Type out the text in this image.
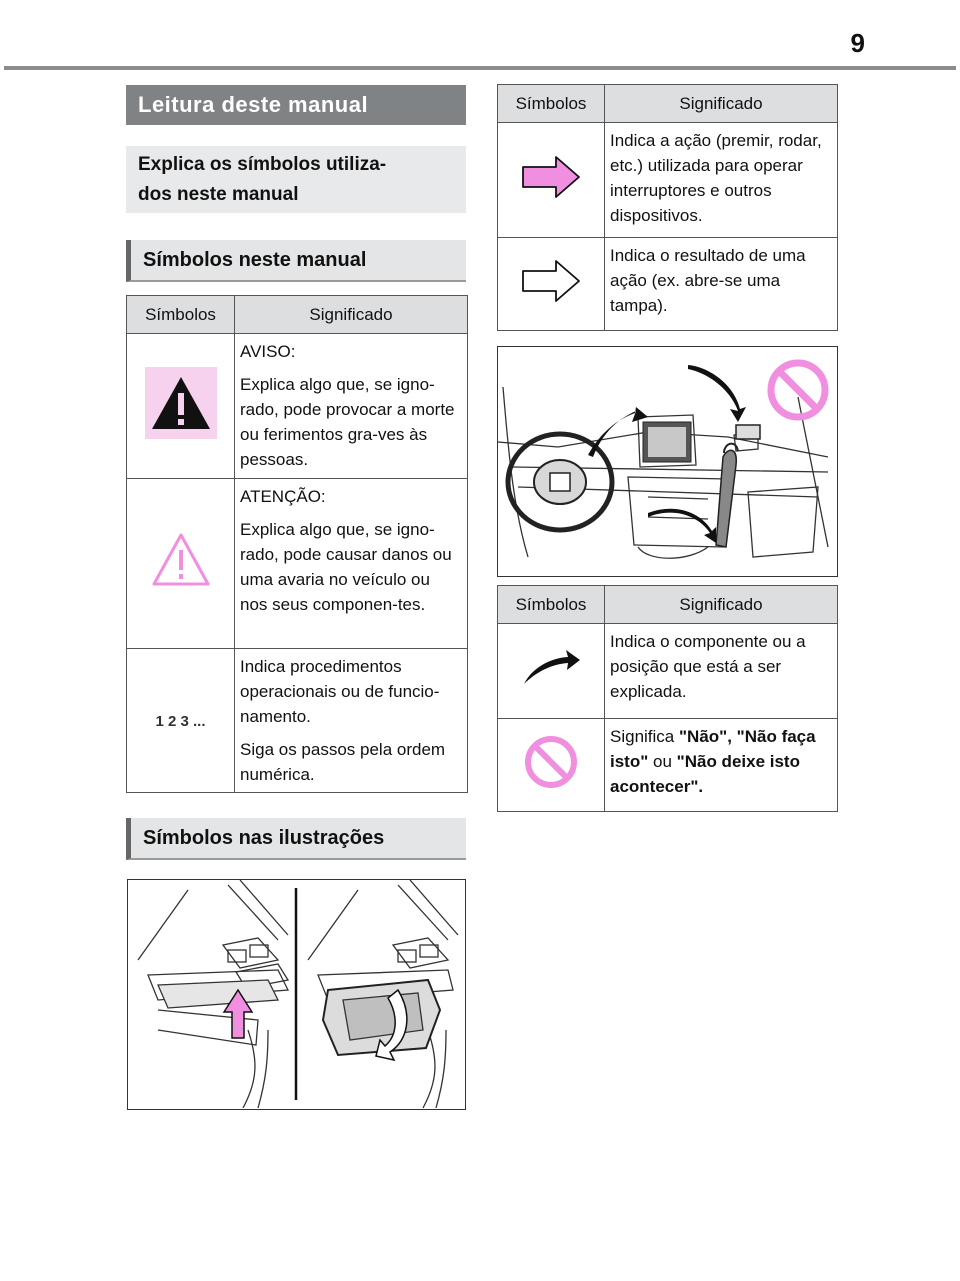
9
Leitura deste manual
Explica os símbolos utiliza-
dos neste manual
Símbolos neste manual
Símbolos	Significado

AVISO:

Explica algo que, se igno-rado, pode provocar a morte ou ferimentos gra-ves às pessoas.

ATENÇÃO:

Explica algo que, se igno-rado, pode causar danos ou uma avaria no veículo ou nos seus componen-tes.

1 2 3 ...	Indica procedimentos operacionais ou de funcio-namento.

Siga os passos pela ordem numérica.

Símbolos nas ilustrações
Símbolos	Significado

Indica a ação (premir, rodar, etc.) utilizada para operar interruptores e outros dispositivos.

Indica o resultado de uma ação (ex. abre-se uma tampa).

Símbolos	Significado

Indica o componente ou a posição que está a ser explicada.

Significa "Não", "Não faça isto" ou "Não deixe isto acontecer".
